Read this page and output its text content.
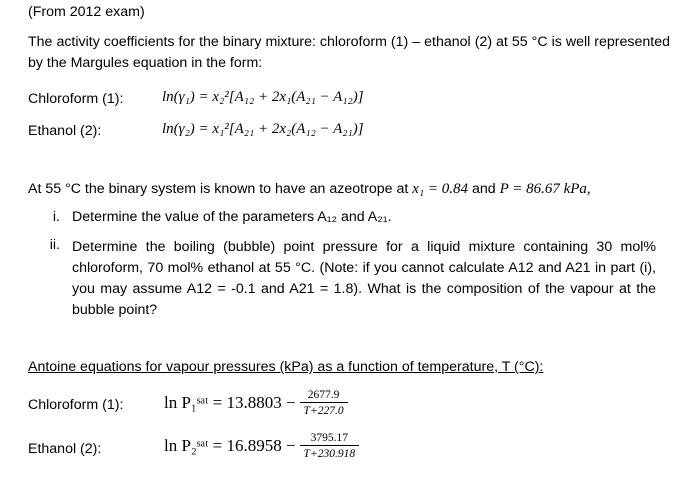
(From 2012 exam)
The activity coefficients for the binary mixture: chloroform (1) – ethanol (2) at 55 °C is well represented by the Margules equation in the form:
Chloroform (1):	ln(γ₁) = x₂²[A₁₂ + 2x₁(A₂₁ − A₁₂)]
Ethanol (2):	ln(γ₂) = x₁²[A₂₁ + 2x₂(A₁₂ − A₂₁)]
At 55 °C the binary system is known to have an azeotrope at x₁ = 0.84 and P = 86.67 kPa,
i. Determine the value of the parameters A₁₂ and A₂₁.
ii. Determine the boiling (bubble) point pressure for a liquid mixture containing 30 mol% chloroform, 70 mol% ethanol at 55 °C. (Note: if you cannot calculate A12 and A21 in part (i), you may assume A12 = -0.1 and A21 = 1.8). What is the composition of the vapour at the bubble point?
Antoine equations for vapour pressures (kPa) as a function of temperature, T (°C):
Chloroform (1): ln P₁ˢᵃᵗ = $13.8803 - \frac{2677.9}{T+227.0}$
Ethanol (2):	ln P₂ˢᵃᵗ = $16.8958 - \frac{3795.17}{T+230.918}$
